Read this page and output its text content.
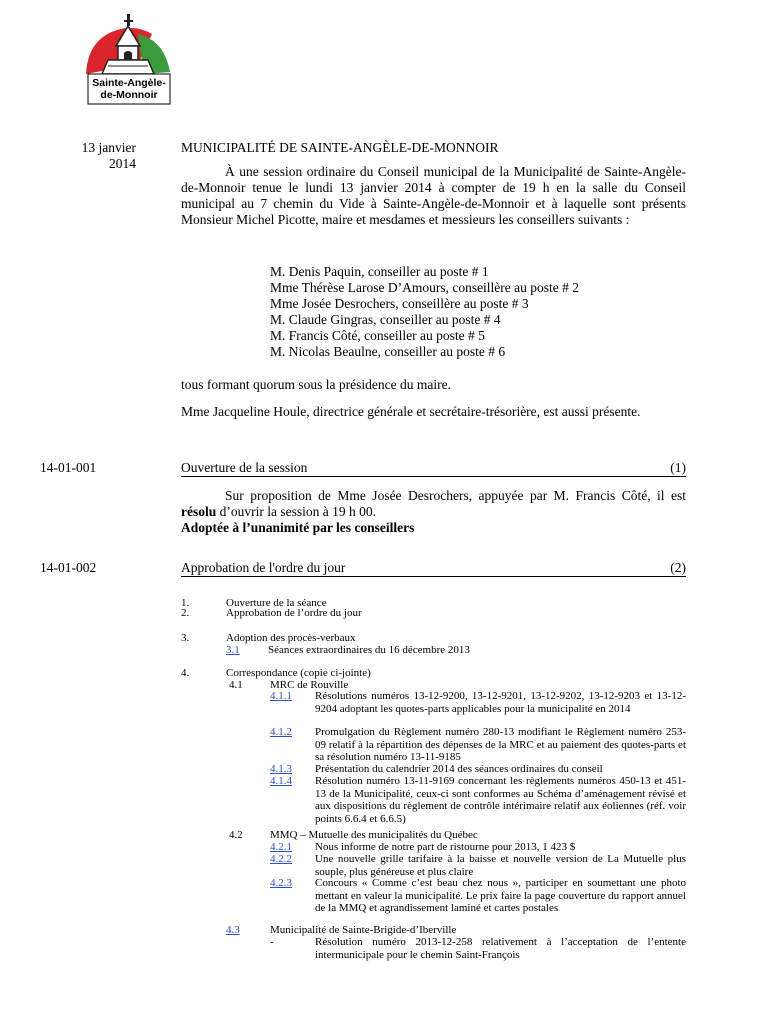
Sainte-Angèle-
de-Monnoir
13 janvier
2014
MUNICIPALITÉ DE SAINTE-ANGÈLE-DE-MONNOIR
À une session ordinaire du Conseil municipal de la Municipalité de Sainte-Angèle-de-Monnoir tenue le lundi 13 janvier 2014 à compter de 19 h en la salle du Conseil municipal au 7 chemin du Vide à Sainte-Angèle-de-Monnoir et à laquelle sont présents Monsieur Michel Picotte, maire et mesdames et messieurs les conseillers suivants :
M. Denis Paquin, conseiller au poste # 1
Mme Thérèse Larose D’Amours, conseillère au poste # 2
Mme Josée Desrochers, conseillère au poste # 3
M. Claude Gingras, conseiller au poste # 4
M. Francis Côté, conseiller au poste # 5
M. Nicolas Beaulne, conseiller au poste # 6
tous formant quorum sous la présidence du maire.
Mme Jacqueline Houle, directrice générale et secrétaire-trésorière, est aussi présente.
14-01-001	Ouverture de la session	(1)
Sur proposition de Mme Josée Desrochers, appuyée par M. Francis Côté, il est résolu d’ouvrir la session à 19 h 00.
Adoptée à l’unanimité par les conseillers
14-01-002	Approbation de l'ordre du jour	(2)
1.	Ouverture de la séance
2.	Approbation de l’ordre du jour
3.	Adoption des procès-verbaux
3.1	Séances extraordinaires du 16 décembre 2013
4.	Correspondance (copie ci-jointe)
4.1 MRC de Rouville
4.1.1 Résolutions numéros 13-12-9200, 13-12-9201, 13-12-9202, 13-12-9203 et 13-12-9204 adoptant les quotes-parts applicables pour la municipalité en 2014
4.1.2 Promulgation du Règlement numéro 280-13 modifiant le Règlement numéro 253-09 relatif à la répartition des dépenses de la MRC et au paiement des quotes-parts et sa résolution numéro 13-11-9185
4.1.3 Présentation du calendrier 2014 des séances ordinaires du conseil
4.1.4 Résolution numéro 13-11-9169 concernant les règlements numéros 450-13 et 451-13 de la Municipalité, ceux-ci sont conformes au Schéma d’aménagement révisé et aux dispositions du règlement de contrôle intérimaire relatif aux éoliennes (réf. voir points 6.6.4 et 6.6.5)
4.2 MMQ – Mutuelle des municipalités du Québec
4.2.1 Nous informe de notre part de ristourne pour 2013, 1 423 $
4.2.2 Une nouvelle grille tarifaire à la baisse et nouvelle version de La Mutuelle plus souple, plus généreuse et plus claire
4.2.3 Concours « Comme c’est beau chez nous », participer en soumettant une photo mettant en valeur la municipalité. Le prix faire la page couverture du rapport annuel de la MMQ et agrandissement laminé et cartes postales
4.3	Municipalité de Sainte-Brigide-d’Iberville
-	Résolution numéro 2013-12-258 relativement à l’acceptation de l’entente intermunicipale pour le chemin Saint-François
